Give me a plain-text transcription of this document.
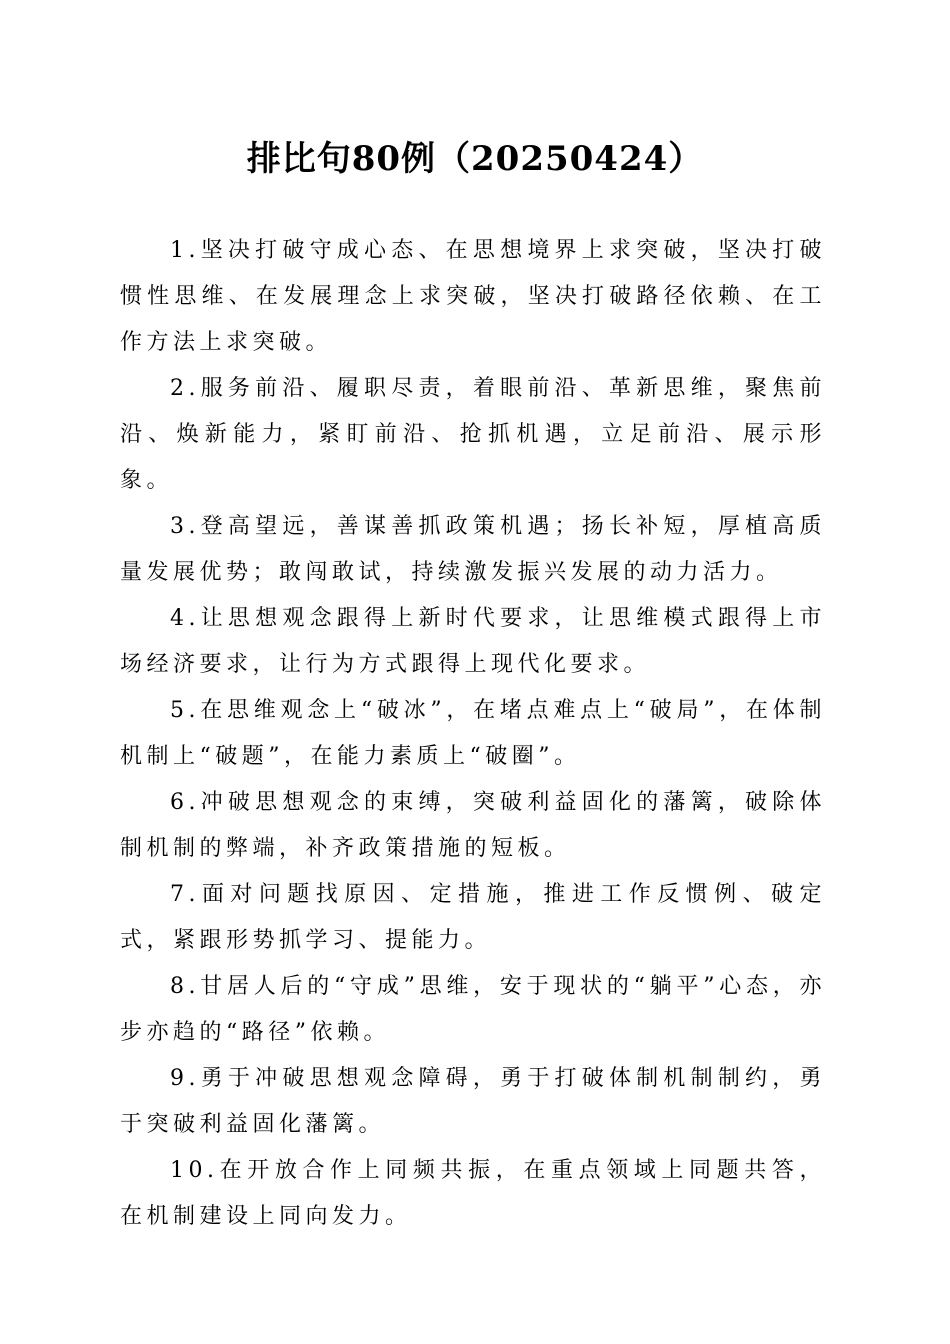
排比句80例（20250424）

1.坚决打破守成心态、在思想境界上求突破，坚决打破惯性思维、在发展理念上求突破，坚决打破路径依赖、在工作方法上求突破。

2.服务前沿、履职尽责，着眼前沿、革新思维，聚焦前沿、焕新能力，紧盯前沿、抢抓机遇，立足前沿、展示形象。

3.登高望远，善谋善抓政策机遇；扬长补短，厚植高质量发展优势；敢闯敢试，持续激发振兴发展的动力活力。

4.让思想观念跟得上新时代要求，让思维模式跟得上市场经济要求，让行为方式跟得上现代化要求。

5.在思维观念上“破冰”，在堵点难点上“破局”，在体制机制上“破题”，在能力素质上“破圈”。

6.冲破思想观念的束缚，突破利益固化的藩篱，破除体制机制的弊端，补齐政策措施的短板。

7.面对问题找原因、定措施，推进工作反惯例、破定式，紧跟形势抓学习、提能力。

8.甘居人后的“守成”思维，安于现状的“躺平”心态，亦步亦趋的“路径”依赖。

9.勇于冲破思想观念障碍，勇于打破体制机制制约，勇于突破利益固化藩篱。

10.在开放合作上同频共振，在重点领域上同题共答，在机制建设上同向发力。
